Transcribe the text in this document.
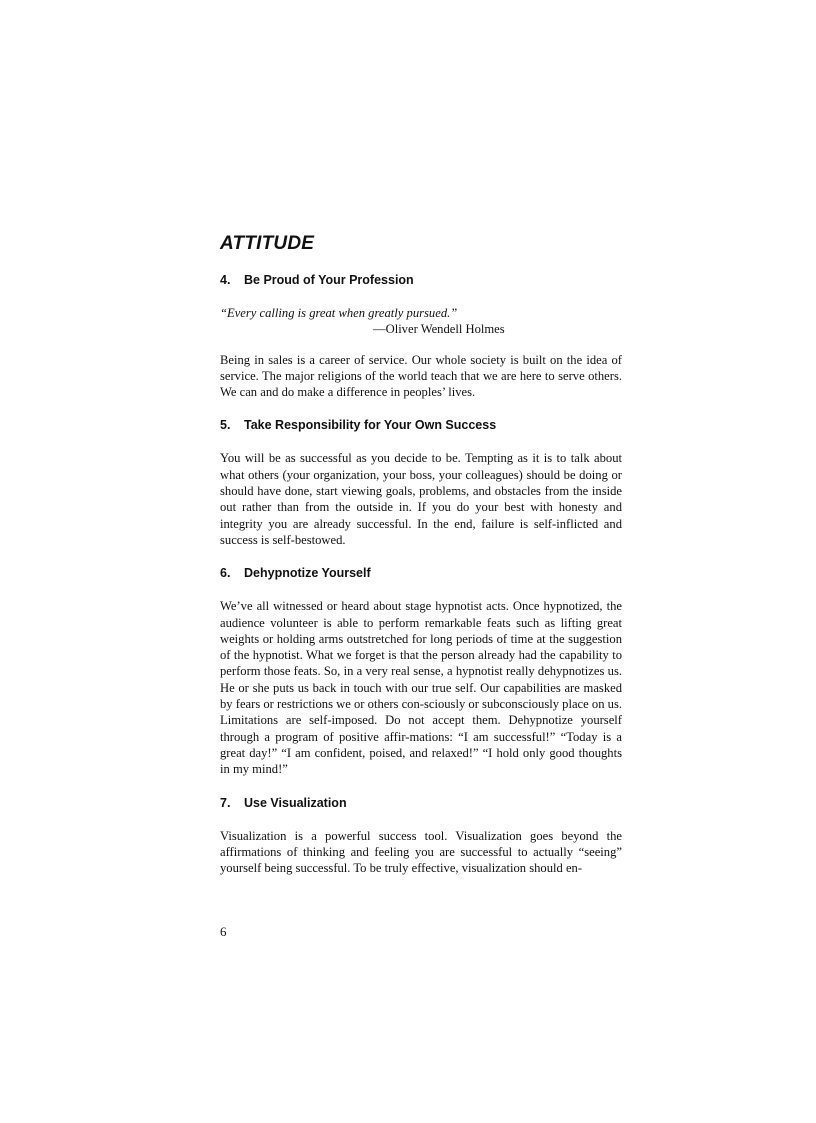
ATTITUDE
4. Be Proud of Your Profession

“Every calling is great when greatly pursued.”

—Oliver Wendell Holmes

Being in sales is a career of service. Our whole society is built on the idea of service. The major religions of the world teach that we are here to serve others. We can and do make a difference in peoples’ lives.

5. Take Responsibility for Your Own Success

You will be as successful as you decide to be. Tempting as it is to talk about what others (your organization, your boss, your colleagues) should be doing or should have done, start viewing goals, problems, and obstacles from the inside out rather than from the outside in. If you do your best with honesty and integrity you are already successful. In the end, failure is self-inflicted and success is self-bestowed.

6. Dehypnotize Yourself

We’ve all witnessed or heard about stage hypnotist acts. Once hypnotized, the audience volunteer is able to perform remarkable feats such as lifting great weights or holding arms outstretched for long periods of time at the suggestion of the hypnotist. What we forget is that the person already had the capability to perform those feats. So, in a very real sense, a hypnotist really dehypnotizes us. He or she puts us back in touch with our true self. Our capabilities are masked by fears or restrictions we or others con-sciously or subconsciously place on us. Limitations are self-imposed. Do not accept them. Dehypnotize yourself through a program of positive affir-mations: “I am successful!” “Today is a great day!” “I am confident, poised, and relaxed!” “I hold only good thoughts in my mind!”

7. Use Visualization

Visualization is a powerful success tool. Visualization goes beyond the affirmations of thinking and feeling you are successful to actually “seeing” yourself being successful. To be truly effective, visualization should en-

6
